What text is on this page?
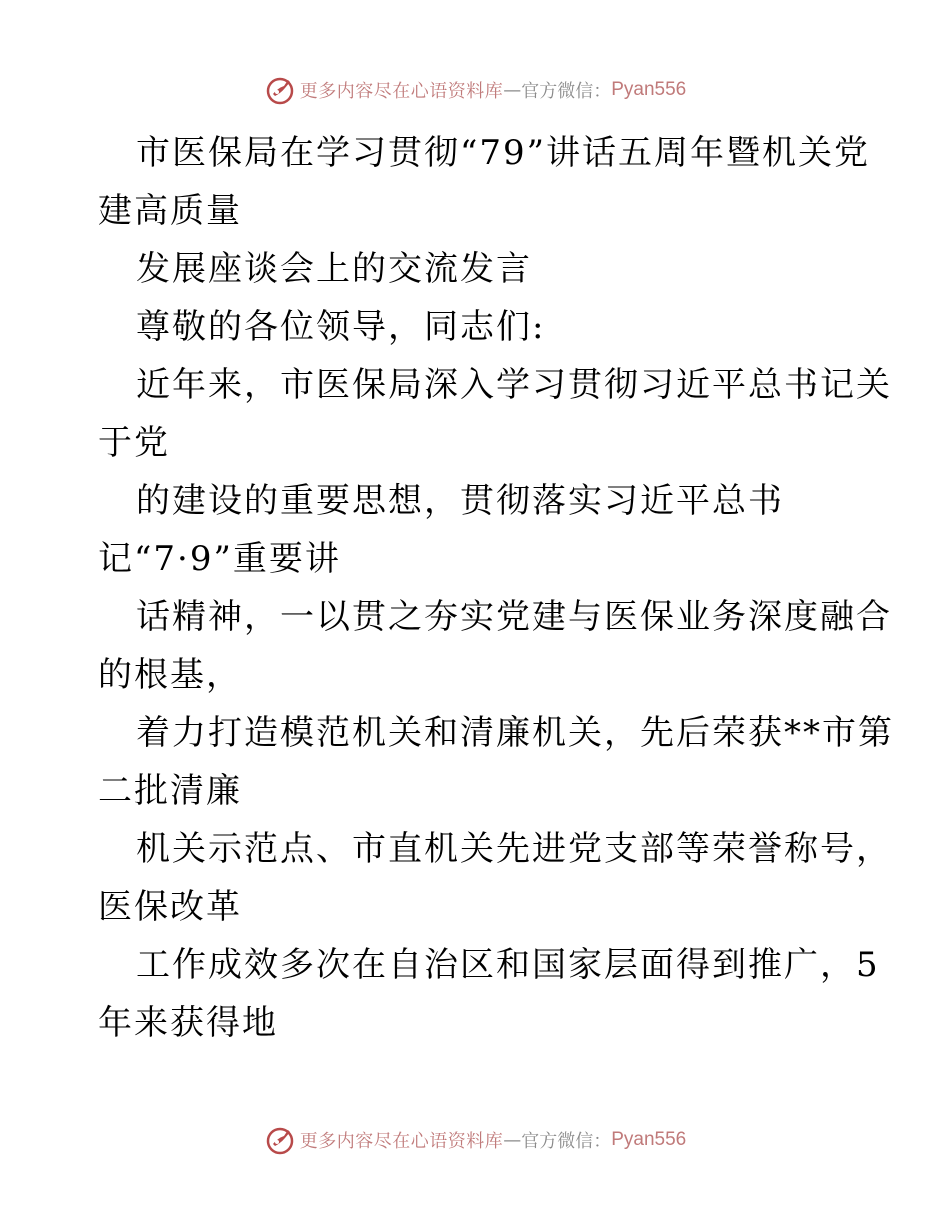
更多内容尽在心语资料库 — 官方微信： Pyan556
市医保局在学习贯彻“79”讲话五周年暨机关党
建高质量
发展座谈会上的交流发言
尊敬的各位领导，同志们:
近年来，市医保局深入学习贯彻习近平总书记关
于党
的建设的重要思想，贯彻落实习近平总书
记“7·9”重要讲
话精神，一以贯之夯实党建与医保业务深度融合
的根基，
着力打造模范机关和清廉机关，先后荣获**市第
二批清廉
机关示范点、市直机关先进党支部等荣誉称号，
医保改革
工作成效多次在自治区和国家层面得到推广，5
年来获得地
更多内容尽在心语资料库 — 官方微信： Pyan556
